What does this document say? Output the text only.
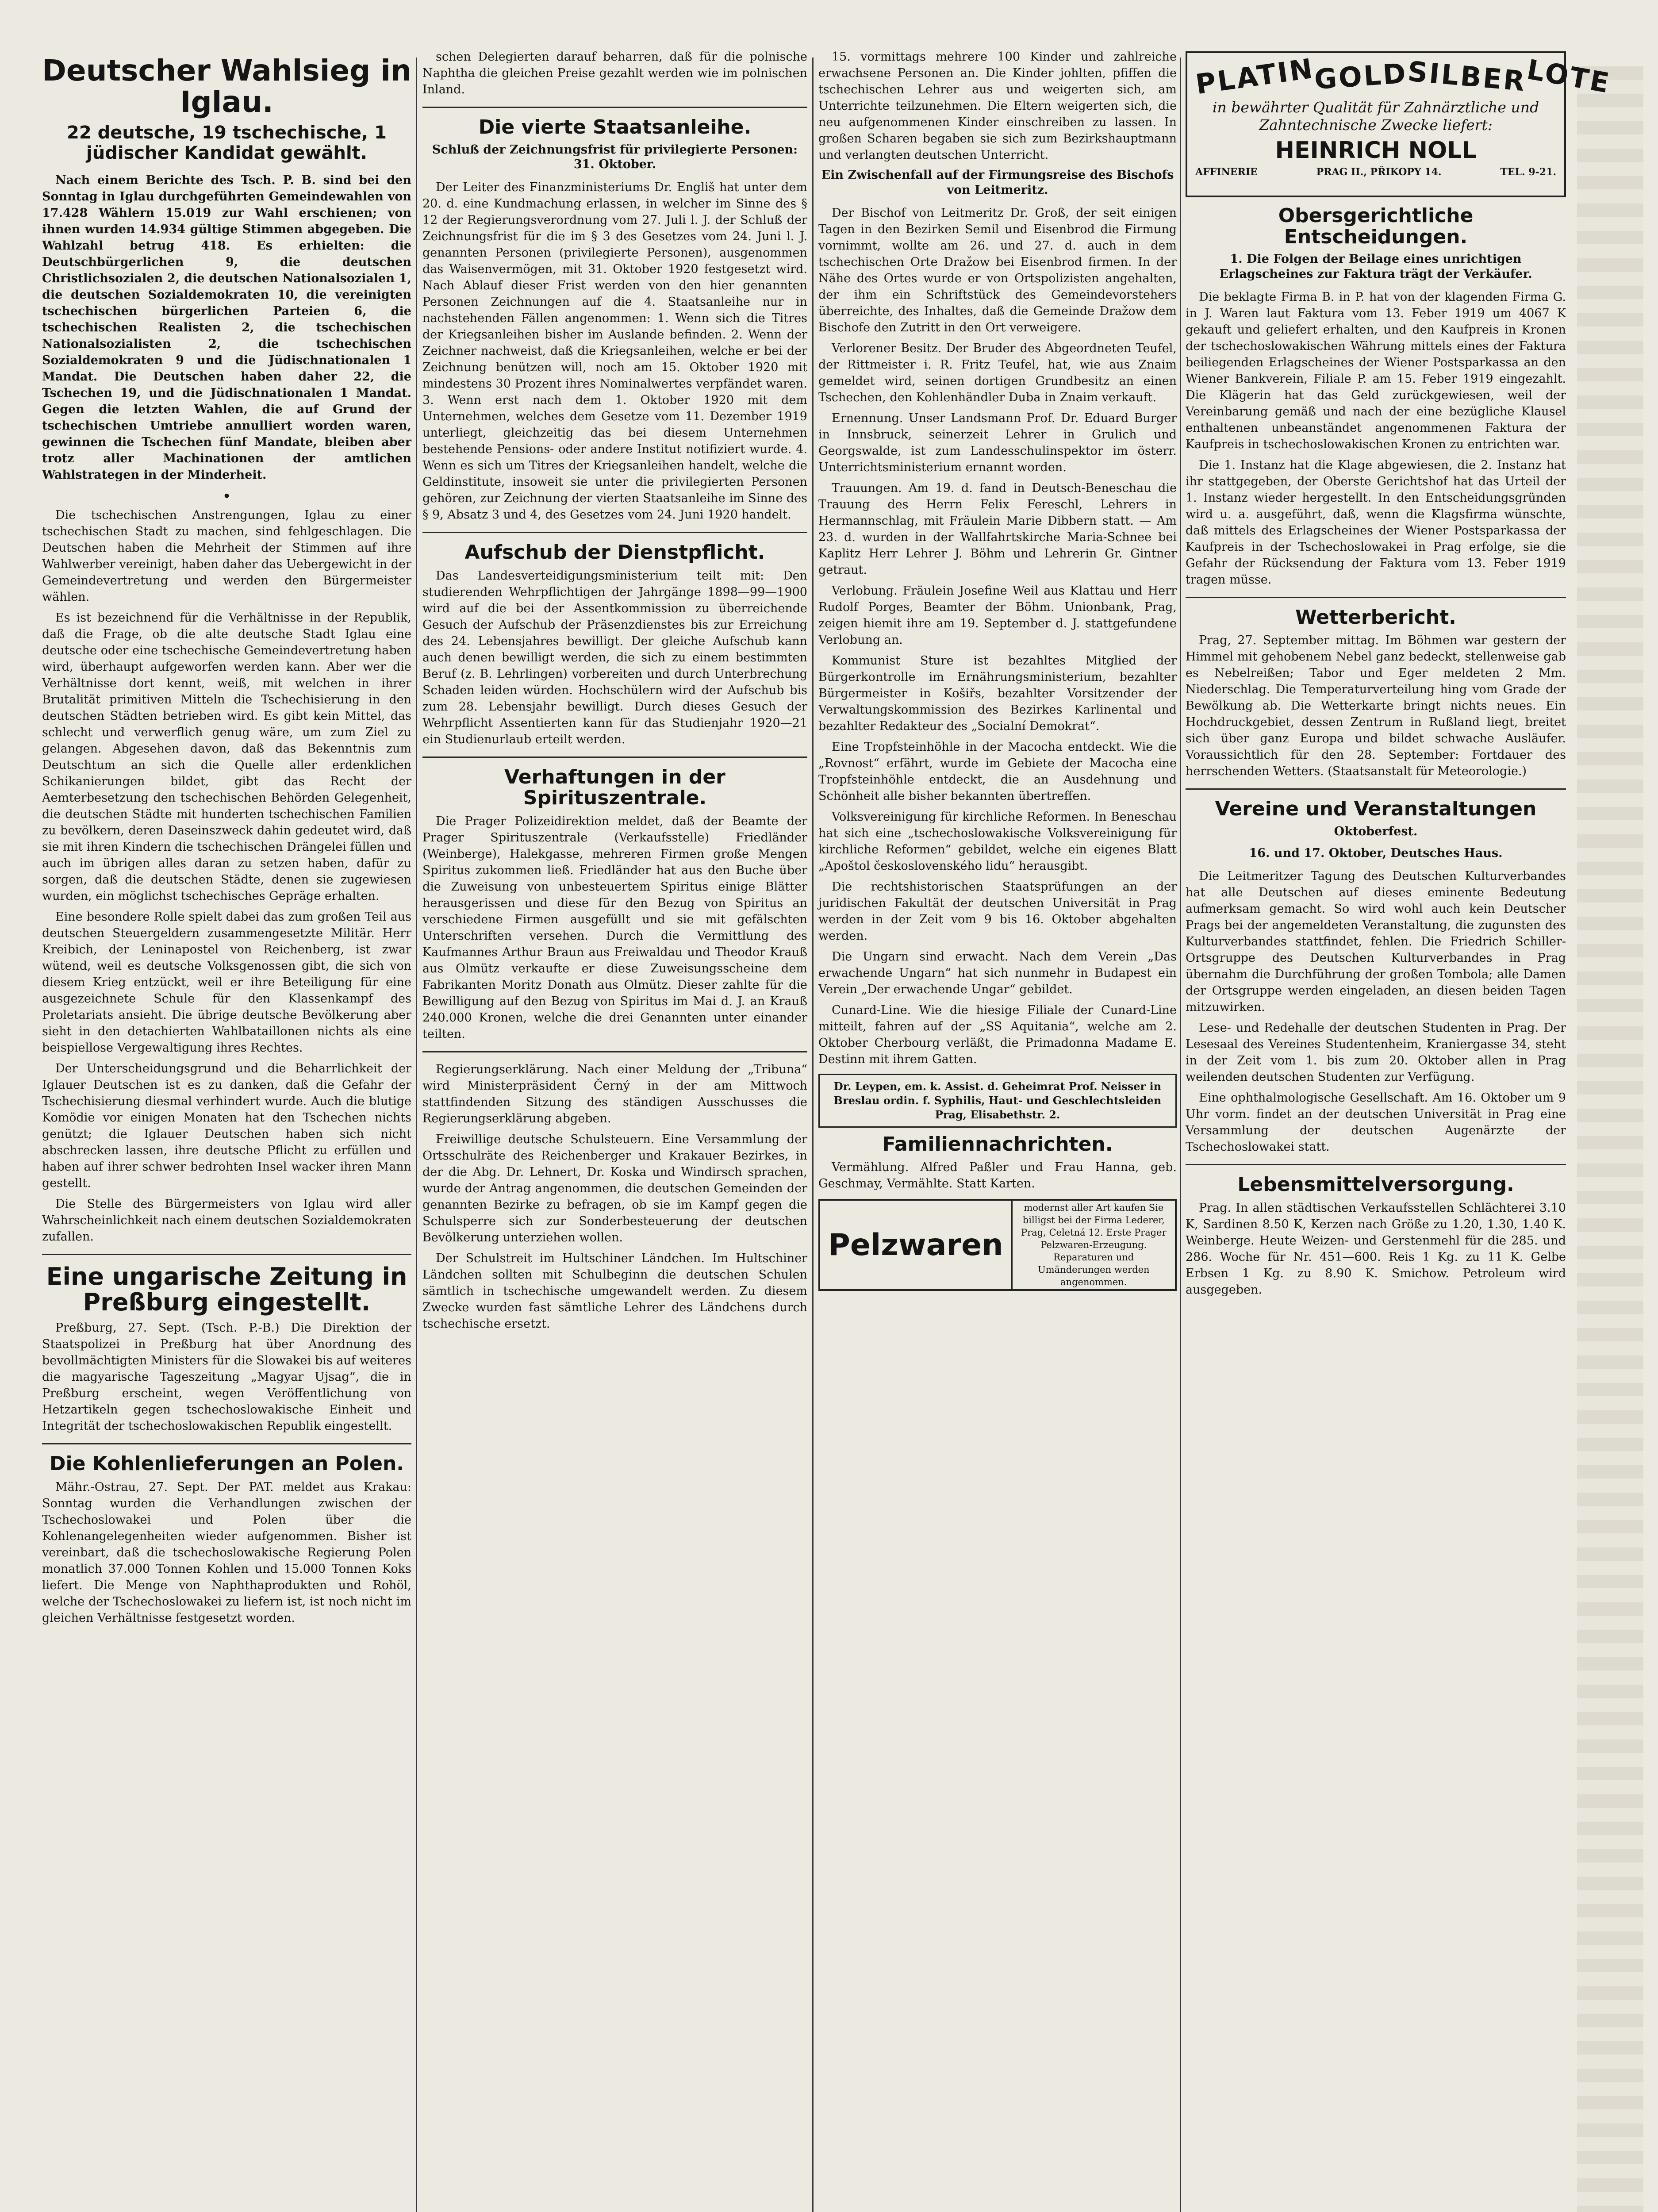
Deutscher Wahlsieg in Iglau.
22 deutsche, 19 tschechische, 1 jüdischer Kandidat gewählt.

Nach einem Berichte des Tsch. P. B. sind bei den Sonntag in Iglau durchgeführten Gemeindewahlen von 17.428 Wählern 15.019 zur Wahl erschienen; von ihnen wurden 14.934 gültige Stimmen abgegeben. Die Wahlzahl betrug 418. Es erhielten: die Deutschbürgerlichen 9, die deutschen Christlichsozialen 2, die deutschen Nationalsozialen 1, die deutschen Sozialdemokraten 10, die vereinigten tschechischen bürgerlichen Parteien 6, die tschechischen Realisten 2, die tschechischen Nationalsozialisten 2, die tschechischen Sozialdemokraten 9 und die Jüdischnationalen 1 Mandat. Die Deutschen haben daher 22, die Tschechen 19, und die Jüdischnationalen 1 Mandat. Gegen die letzten Wahlen, die auf Grund der tschechischen Umtriebe annulliert worden waren, gewinnen die Tschechen fünf Mandate, bleiben aber trotz aller Machinationen der amtlichen Wahlstrategen in der Minderheit.

•

Die tschechischen Anstrengungen, Iglau zu einer tschechischen Stadt zu machen, sind fehlgeschlagen. Die Deutschen haben die Mehrheit der Stimmen auf ihre Wahlwerber vereinigt, haben daher das Uebergewicht in der Gemeindevertretung und werden den Bürgermeister wählen.

Es ist bezeichnend für die Verhältnisse in der Republik, daß die Frage, ob die alte deutsche Stadt Iglau eine deutsche oder eine tschechische Gemeindevertretung haben wird, überhaupt aufgeworfen werden kann. Aber wer die Verhältnisse dort kennt, weiß, mit welchen in ihrer Brutalität primitiven Mitteln die Tschechisierung in den deutschen Städten betrieben wird. Es gibt kein Mittel, das schlecht und verwerflich genug wäre, um zum Ziel zu gelangen. Abgesehen davon, daß das Bekenntnis zum Deutschtum an sich die Quelle aller erdenklichen Schikanierungen bildet, gibt das Recht der Aemterbesetzung den tschechischen Behörden Gelegenheit, die deutschen Städte mit hunderten tschechischen Familien zu bevölkern, deren Daseinszweck dahin gedeutet wird, daß sie mit ihren Kindern die tschechischen Drängelei füllen und auch im übrigen alles daran zu setzen haben, dafür zu sorgen, daß die deutschen Städte, denen sie zugewiesen wurden, ein möglichst tschechisches Gepräge erhalten.

Eine besondere Rolle spielt dabei das zum großen Teil aus deutschen Steuergeldern zusammengesetzte Militär. Herr Kreibich, der Leninapostel von Reichenberg, ist zwar wütend, weil es deutsche Volksgenossen gibt, die sich von diesem Krieg entzückt, weil er ihre Beteiligung für eine ausgezeichnete Schule für den Klassenkampf des Proletariats ansieht. Die übrige deutsche Bevölkerung aber sieht in den detachierten Wahlbataillonen nichts als eine beispiellose Vergewaltigung ihres Rechtes.

Der Unterscheidungsgrund und die Beharrlichkeit der Iglauer Deutschen ist es zu danken, daß die Gefahr der Tschechisierung diesmal verhindert wurde. Auch die blutige Komödie vor einigen Monaten hat den Tschechen nichts genützt; die Iglauer Deutschen haben sich nicht abschrecken lassen, ihre deutsche Pflicht zu erfüllen und haben auf ihrer schwer bedrohten Insel wacker ihren Mann gestellt.

Die Stelle des Bürgermeisters von Iglau wird aller Wahrscheinlichkeit nach einem deutschen Sozialdemokraten zufallen.

Eine ungarische Zeitung in Preßburg eingestellt.

Preßburg, 27. Sept. (Tsch. P.-B.) Die Direktion der Staatspolizei in Preßburg hat über Anordnung des bevollmächtigten Ministers für die Slowakei bis auf weiteres die magyarische Tageszeitung „Magyar Ujsag“, die in Preßburg erscheint, wegen Veröffentlichung von Hetzartikeln gegen tschechoslowakische Einheit und Integrität der tschechoslowakischen Republik eingestellt.

Die Kohlenlieferungen an Polen.

Mähr.-Ostrau, 27. Sept. Der PAT. meldet aus Krakau: Sonntag wurden die Verhandlungen zwischen der Tschechoslowakei und Polen über die Kohlenangelegenheiten wieder aufgenommen. Bisher ist vereinbart, daß die tschechoslowakische Regierung Polen monatlich 37.000 Tonnen Kohlen und 15.000 Tonnen Koks liefert. Die Menge von Naphthaprodukten und Rohöl, welche der Tschechoslowakei zu liefern ist, ist noch nicht im gleichen Verhältnisse festgesetzt worden.

schen Delegierten darauf beharren, daß für die polnische Naphtha die gleichen Preise gezahlt werden wie im polnischen Inland.

Die vierte Staatsanleihe.
Schluß der Zeichnungsfrist für privilegierte Personen: 31. Oktober.

Der Leiter des Finanzministeriums Dr. Engliš hat unter dem 20. d. eine Kundmachung erlassen, in welcher im Sinne des § 12 der Regierungsverordnung vom 27. Juli l. J. der Schluß der Zeichnungsfrist für die im § 3 des Gesetzes vom 24. Juni l. J. genannten Personen (privilegierte Personen), ausgenommen das Waisenvermögen, mit 31. Oktober 1920 festgesetzt wird. Nach Ablauf dieser Frist werden von den hier genannten Personen Zeichnungen auf die 4. Staatsanleihe nur in nachstehenden Fällen angenommen: 1. Wenn sich die Titres der Kriegsanleihen bisher im Auslande befinden. 2. Wenn der Zeichner nachweist, daß die Kriegsanleihen, welche er bei der Zeichnung benützen will, noch am 15. Oktober 1920 mit mindestens 30 Prozent ihres Nominalwertes verpfändet waren. 3. Wenn erst nach dem 1. Oktober 1920 mit dem Unternehmen, welches dem Gesetze vom 11. Dezember 1919 unterliegt, gleichzeitig das bei diesem Unternehmen bestehende Pensions- oder andere Institut notifiziert wurde. 4. Wenn es sich um Titres der Kriegsanleihen handelt, welche die Geldinstitute, insoweit sie unter die privilegierten Personen gehören, zur Zeichnung der vierten Staatsanleihe im Sinne des § 9, Absatz 3 und 4, des Gesetzes vom 24. Juni 1920 handelt.

Aufschub der Dienstpflicht.

Das Landesverteidigungsministerium teilt mit: Den studierenden Wehrpflichtigen der Jahrgänge 1898—99—1900 wird auf die bei der Assentkommission zu überreichende Gesuch der Aufschub der Präsenzdienstes bis zur Erreichung des 24. Lebensjahres bewilligt. Der gleiche Aufschub kann auch denen bewilligt werden, die sich zu einem bestimmten Beruf (z. B. Lehrlingen) vorbereiten und durch Unterbrechung Schaden leiden würden. Hochschülern wird der Aufschub bis zum 28. Lebensjahr bewilligt. Durch dieses Gesuch der Wehrpflicht Assentierten kann für das Studienjahr 1920—21 ein Studienurlaub erteilt werden.

Verhaftungen in der Spirituszentrale.

Die Prager Polizeidirektion meldet, daß der Beamte der Prager Spirituszentrale (Verkaufsstelle) Friedländer (Weinberge), Halekgasse, mehreren Firmen große Mengen Spiritus zukommen ließ. Friedländer hat aus den Buche über die Zuweisung von unbesteuertem Spiritus einige Blätter herausgerissen und diese für den Bezug von Spiritus an verschiedene Firmen ausgefüllt und sie mit gefälschten Unterschriften versehen. Durch die Vermittlung des Kaufmannes Arthur Braun aus Freiwaldau und Theodor Krauß aus Olmütz verkaufte er diese Zuweisungsscheine dem Fabrikanten Moritz Donath aus Olmütz. Dieser zahlte für die Bewilligung auf den Bezug von Spiritus im Mai d. J. an Krauß 240.000 Kronen, welche die drei Genannten unter einander teilten.

Regierungserklärung. Nach einer Meldung der „Tribuna“ wird Ministerpräsident Černý in der am Mittwoch stattfindenden Sitzung des ständigen Ausschusses die Regierungserklärung abgeben.

Freiwillige deutsche Schulsteuern. Eine Versammlung der Ortsschulräte des Reichenberger und Krakauer Bezirkes, in der die Abg. Dr. Lehnert, Dr. Koska und Windirsch sprachen, wurde der Antrag angenommen, die deutschen Gemeinden der genannten Bezirke zu befragen, ob sie im Kampf gegen die Schulsperre sich zur Sonderbesteuerung der deutschen Bevölkerung unterziehen wollen.

Der Schulstreit im Hultschiner Ländchen. Im Hultschiner Ländchen sollten mit Schulbeginn die deutschen Schulen sämtlich in tschechische umgewandelt werden. Zu diesem Zwecke wurden fast sämtliche Lehrer des Ländchens durch tschechische ersetzt.

15. vormittags mehrere 100 Kinder und zahlreiche erwachsene Personen an. Die Kinder johlten, pfiffen die tschechischen Lehrer aus und weigerten sich, am Unterrichte teilzunehmen. Die Eltern weigerten sich, die neu aufgenommenen Kinder einschreiben zu lassen. In großen Scharen begaben sie sich zum Bezirkshauptmann und verlangten deutschen Unterricht.

Ein Zwischenfall auf der Firmungsreise des Bischofs von Leitmeritz.

Der Bischof von Leitmeritz Dr. Groß, der seit einigen Tagen in den Bezirken Semil und Eisenbrod die Firmung vornimmt, wollte am 26. und 27. d. auch in dem tschechischen Orte Dražow bei Eisenbrod firmen. In der Nähe des Ortes wurde er von Ortspolizisten angehalten, der ihm ein Schriftstück des Gemeindevorstehers überreichte, des Inhaltes, daß die Gemeinde Dražow dem Bischofe den Zutritt in den Ort verweigere.

Verlorener Besitz. Der Bruder des Abgeordneten Teufel, der Rittmeister i. R. Fritz Teufel, hat, wie aus Znaim gemeldet wird, seinen dortigen Grundbesitz an einen Tschechen, den Kohlenhändler Duba in Znaim verkauft.

Ernennung. Unser Landsmann Prof. Dr. Eduard Burger in Innsbruck, seinerzeit Lehrer in Grulich und Georgswalde, ist zum Landesschulinspektor im österr. Unterrichtsministerium ernannt worden.

Trauungen. Am 19. d. fand in Deutsch-Beneschau die Trauung des Herrn Felix Fereschl, Lehrers in Hermannschlag, mit Fräulein Marie Dibbern statt. — Am 23. d. wurden in der Wallfahrtskirche Maria-Schnee bei Kaplitz Herr Lehrer J. Böhm und Lehrerin Gr. Gintner getraut.

Verlobung. Fräulein Josefine Weil aus Klattau und Herr Rudolf Porges, Beamter der Böhm. Unionbank, Prag, zeigen hiemit ihre am 19. September d. J. stattgefundene Verlobung an.

Kommunist Sture ist bezahltes Mitglied der Bürgerkontrolle im Ernährungsministerium, bezahlter Bürgermeister in Košiřs, bezahlter Vorsitzender der Verwaltungskommission des Bezirkes Karlinental und bezahlter Redakteur des „Socialní Demokrat“.

Eine Tropfsteinhöhle in der Macocha entdeckt. Wie die „Rovnost“ erfährt, wurde im Gebiete der Macocha eine Tropfsteinhöhle entdeckt, die an Ausdehnung und Schönheit alle bisher bekannten übertreffen.

Volksvereinigung für kirchliche Reformen. In Beneschau hat sich eine „tschechoslowakische Volksvereinigung für kirchliche Reformen“ gebildet, welche ein eigenes Blatt „Apoštol československého lidu“ herausgibt.

Die rechtshistorischen Staatsprüfungen an der juridischen Fakultät der deutschen Universität in Prag werden in der Zeit vom 9 bis 16. Oktober abgehalten werden.

Die Ungarn sind erwacht. Nach dem Verein „Das erwachende Ungarn“ hat sich nunmehr in Budapest ein Verein „Der erwachende Ungar“ gebildet.

Cunard-Line. Wie die hiesige Filiale der Cunard-Line mitteilt, fahren auf der „SS Aquitania“, welche am 2. Oktober Cherbourg verläßt, die Primadonna Madame E. Destinn mit ihrem Gatten.

Dr. Leypen, em. k. Assist. d. Geheimrat Prof. Neisser in Breslau ordin. f. Syphilis, Haut- und Geschlechtsleiden Prag, Elisabethstr. 2.
Familiennachrichten.

Vermählung. Alfred Paßler und Frau Hanna, geb. Geschmay, Vermählte. Statt Karten.

Pelzwaren
modernst aller Art kaufen Sie billigst bei der Firma Lederer, Prag, Celetná 12. Erste Prager Pelzwaren-Erzeugung. Reparaturen und Umänderungen werden angenommen.
PLATIN
GOLD
SILBER
LOTE
in bewährter Qualität für Zahnärztliche und Zahntechnische Zwecke liefert:
HEINRICH NOLL
AFFINERIE	PRAG II., PŘIKOPY 14.	TEL. 9-21.
Obersgerichtliche Entscheidungen.
1. Die Folgen der Beilage eines unrichtigen Erlagscheines zur Faktura trägt der Verkäufer.

Die beklagte Firma B. in P. hat von der klagenden Firma G. in J. Waren laut Faktura vom 13. Feber 1919 um 4067 K gekauft und geliefert erhalten, und den Kaufpreis in Kronen der tschechoslowakischen Währung mittels eines der Faktura beiliegenden Erlagscheines der Wiener Postsparkassa an den Wiener Bankverein, Filiale P. am 15. Feber 1919 eingezahlt. Die Klägerin hat das Geld zurückgewiesen, weil der Vereinbarung gemäß und nach der eine bezügliche Klausel enthaltenen unbeanständet angenommenen Faktura der Kaufpreis in tschechoslowakischen Kronen zu entrichten war.

Die 1. Instanz hat die Klage abgewiesen, die 2. Instanz hat ihr stattgegeben, der Oberste Gerichtshof hat das Urteil der 1. Instanz wieder hergestellt. In den Entscheidungsgründen wird u. a. ausgeführt, daß, wenn die Klagsfirma wünschte, daß mittels des Erlagscheines der Wiener Postsparkassa der Kaufpreis in der Tschechoslowakei in Prag erfolge, sie die Gefahr der Rücksendung der Faktura vom 13. Feber 1919 tragen müsse.

Wetterbericht.

Prag, 27. September mittag. Im Böhmen war gestern der Himmel mit gehobenem Nebel ganz bedeckt, stellenweise gab es Nebelreißen; Tabor und Eger meldeten 2 Mm. Niederschlag. Die Temperaturverteilung hing vom Grade der Bewölkung ab. Die Wetterkarte bringt nichts neues. Ein Hochdruckgebiet, dessen Zentrum in Rußland liegt, breitet sich über ganz Europa und bildet schwache Ausläufer. Voraussichtlich für den 28. September: Fortdauer des herrschenden Wetters. (Staatsanstalt für Meteorologie.)

Vereine und Veranstaltungen
Oktoberfest.
16. und 17. Oktober, Deutsches Haus.

Die Leitmeritzer Tagung des Deutschen Kulturverbandes hat alle Deutschen auf dieses eminente Bedeutung aufmerksam gemacht. So wird wohl auch kein Deutscher Prags bei der angemeldeten Veranstaltung, die zugunsten des Kulturverbandes stattfindet, fehlen. Die Friedrich Schiller-Ortsgruppe des Deutschen Kulturverbandes in Prag übernahm die Durchführung der großen Tombola; alle Damen der Ortsgruppe werden eingeladen, an diesen beiden Tagen mitzuwirken.

Lese- und Redehalle der deutschen Studenten in Prag. Der Lesesaal des Vereines Studentenheim, Kraniergasse 34, steht in der Zeit vom 1. bis zum 20. Oktober allen in Prag weilenden deutschen Studenten zur Verfügung.

Eine ophthalmologische Gesellschaft. Am 16. Oktober um 9 Uhr vorm. findet an der deutschen Universität in Prag eine Versammlung der deutschen Augenärzte der Tschechoslowakei statt.

Lebensmittelversorgung.

Prag. In allen städtischen Verkaufsstellen Schlächterei 3.10 K, Sardinen 8.50 K, Kerzen nach Größe zu 1.20, 1.30, 1.40 K. Weinberge. Heute Weizen- und Gerstenmehl für die 285. und 286. Woche für Nr. 451—600. Reis 1 Kg. zu 11 K. Gelbe Erbsen 1 Kg. zu 8.90 K. Smichow. Petroleum wird ausgegeben.
